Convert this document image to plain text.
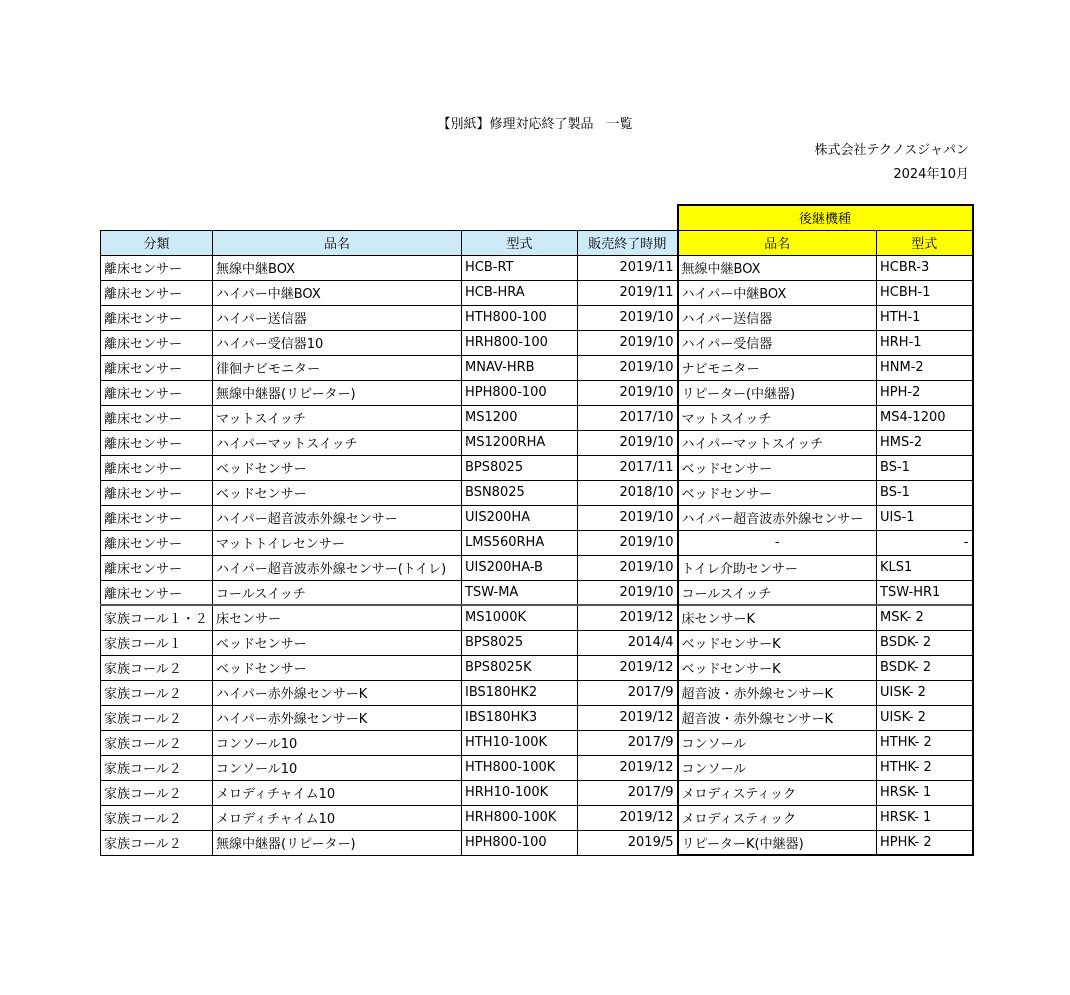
【別紙】修理対応終了製品　一覧
株式会社テクノスジャパン
2024年10月
				後継機種	
分類	品名	型式	販売終了時期	品名	型式
離床センサー	無線中継BOX	HCB-RT	2019/11	無線中継BOX	HCBR-3
離床センサー	ハイパー中継BOX	HCB-HRA	2019/11	ハイパー中継BOX	HCBH-1
離床センサー	ハイパー送信器	HTH800-100	2019/10	ハイパー送信器	HTH-1
離床センサー	ハイパー受信器10	HRH800-100	2019/10	ハイパー受信器	HRH-1
離床センサー	徘徊ナビモニター	MNAV-HRB	2019/10	ナビモニター	HNM-2
離床センサー	無線中継器(リピーター)	HPH800-100	2019/10	リピーター(中継器)	HPH-2
離床センサー	マットスイッチ	MS1200	2017/10	マットスイッチ	MS4-1200
離床センサー	ハイパーマットスイッチ	MS1200RHA	2019/10	ハイパーマットスイッチ	HMS-2
離床センサー	ベッドセンサー	BPS8025	2017/11	ベッドセンサー	BS-1
離床センサー	ベッドセンサー	BSN8025	2018/10	ベッドセンサー	BS-1
離床センサー	ハイパー超音波赤外線センサー	UIS200HA	2019/10	ハイパー超音波赤外線センサー	UIS-1
離床センサー	マットトイレセンサー	LMS560RHA	2019/10	-	-
離床センサー	ハイパー超音波赤外線センサー(トイレ)	UIS200HA-B	2019/10	トイレ介助センサー	KLS1
離床センサー	コールスイッチ	TSW-MA	2019/10	コールスイッチ	TSW-HR1
家族コール１・２	床センサー	MS1000K	2019/12	床センサーK	MSK- 2
家族コール１	ベッドセンサー	BPS8025	2014/4	ベッドセンサーK	BSDK- 2
家族コール２	ベッドセンサー	BPS8025K	2019/12	ベッドセンサーK	BSDK- 2
家族コール２	ハイパー赤外線センサーK	IBS180HK2	2017/9	超音波・赤外線センサーK	UISK- 2
家族コール２	ハイパー赤外線センサーK	IBS180HK3	2019/12	超音波・赤外線センサーK	UISK- 2
家族コール２	コンソール10	HTH10-100K	2017/9	コンソール	HTHK- 2
家族コール２	コンソール10	HTH800-100K	2019/12	コンソール	HTHK- 2
家族コール２	メロディチャイム10	HRH10-100K	2017/9	メロディスティック	HRSK- 1
家族コール２	メロディチャイム10	HRH800-100K	2019/12	メロディスティック	HRSK- 1
家族コール２	無線中継器(リピーター)	HPH800-100	2019/5	リピーターK(中継器)	HPHK- 2
